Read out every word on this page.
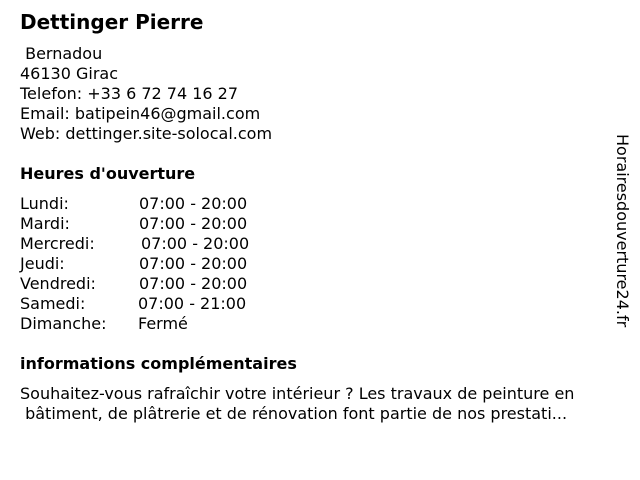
Dettinger Pierre
Bernadou
46130 Girac
Telefon: +33 6 72 74 16 27
Email: batipein46@gmail.com
Web: dettinger.site-solocal.com
Heures d'ouverture
Lundi:	07:00 - 20:00
Mardi:	07:00 - 20:00
Mercredi:	07:00 - 20:00
Jeudi:	07:00 - 20:00
Vendredi:	07:00 - 20:00
Samedi:	07:00 - 21:00
Dimanche: Fermé
informations complémentaires
Souhaitez-vous rafraîchir votre intérieur ? Les travaux de peinture en
bâtiment, de plâtrerie et de rénovation font partie de nos prestati...
Horairesdouverture24.fr
